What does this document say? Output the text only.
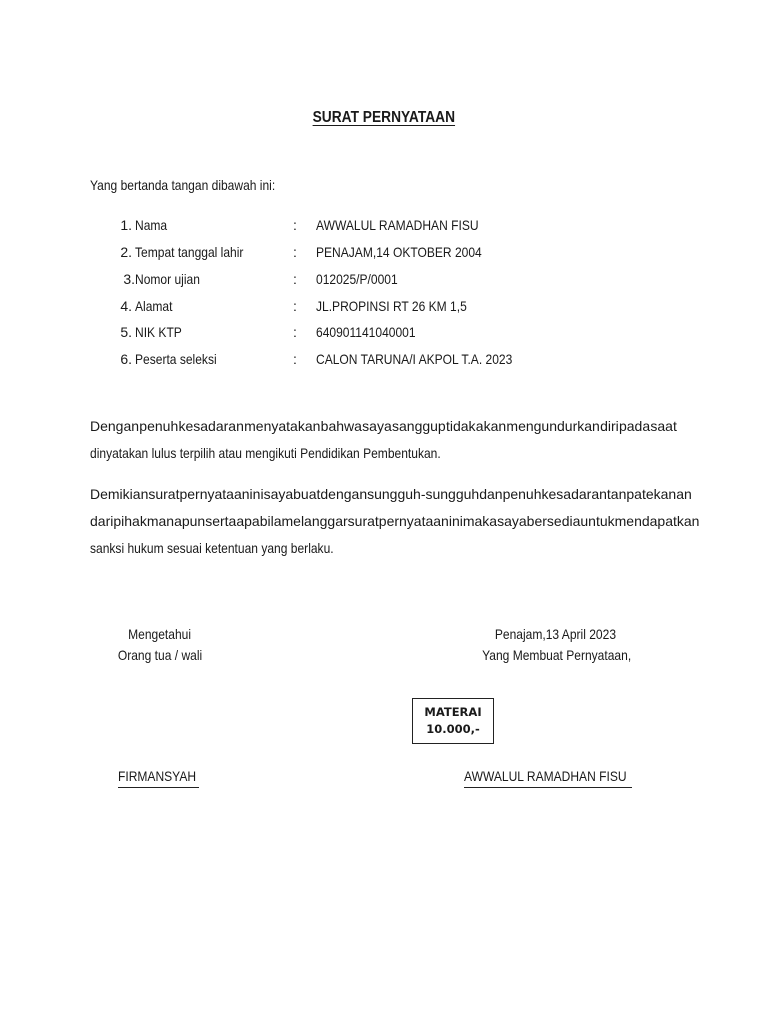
SURAT PERNYATAAN
Yang bertanda tangan dibawah ini:
1. Nama	: AWWALUL RAMADHAN FISU
2. Tempat tanggal lahir	: PENAJAM,14 OKTOBER 2004
3. Nomor ujian	: 012025/P/0001
4. Alamat	: JL.PROPINSI RT 26 KM 1,5
5. NIK KTP	: 640901141040001
6. Peserta seleksi	: CALON TARUNA/I AKPOL T.A. 2023
Dengan penuh kesadaran menyatakan bahwa saya sanggup tidak akan mengundurkan diri pada saat
dinyatakan lulus terpilih atau mengikuti Pendidikan Pembentukan.
Demikian surat pernyataan ini saya buat dengan sungguh-sungguh dan penuh kesadaran tanpa tekanan
dari pihak manapun serta apabila melanggar surat pernyataan ini maka saya bersedia untuk mendapatkan
sanksi hukum sesuai ketentuan yang berlaku.
Mengetahui
Orang tua / wali
Penajam,13 April 2023
Yang Membuat Pernyataan,
MATERAI
10.000,-
FIRMANSYAH	AWWALUL RAMADHAN FISU
